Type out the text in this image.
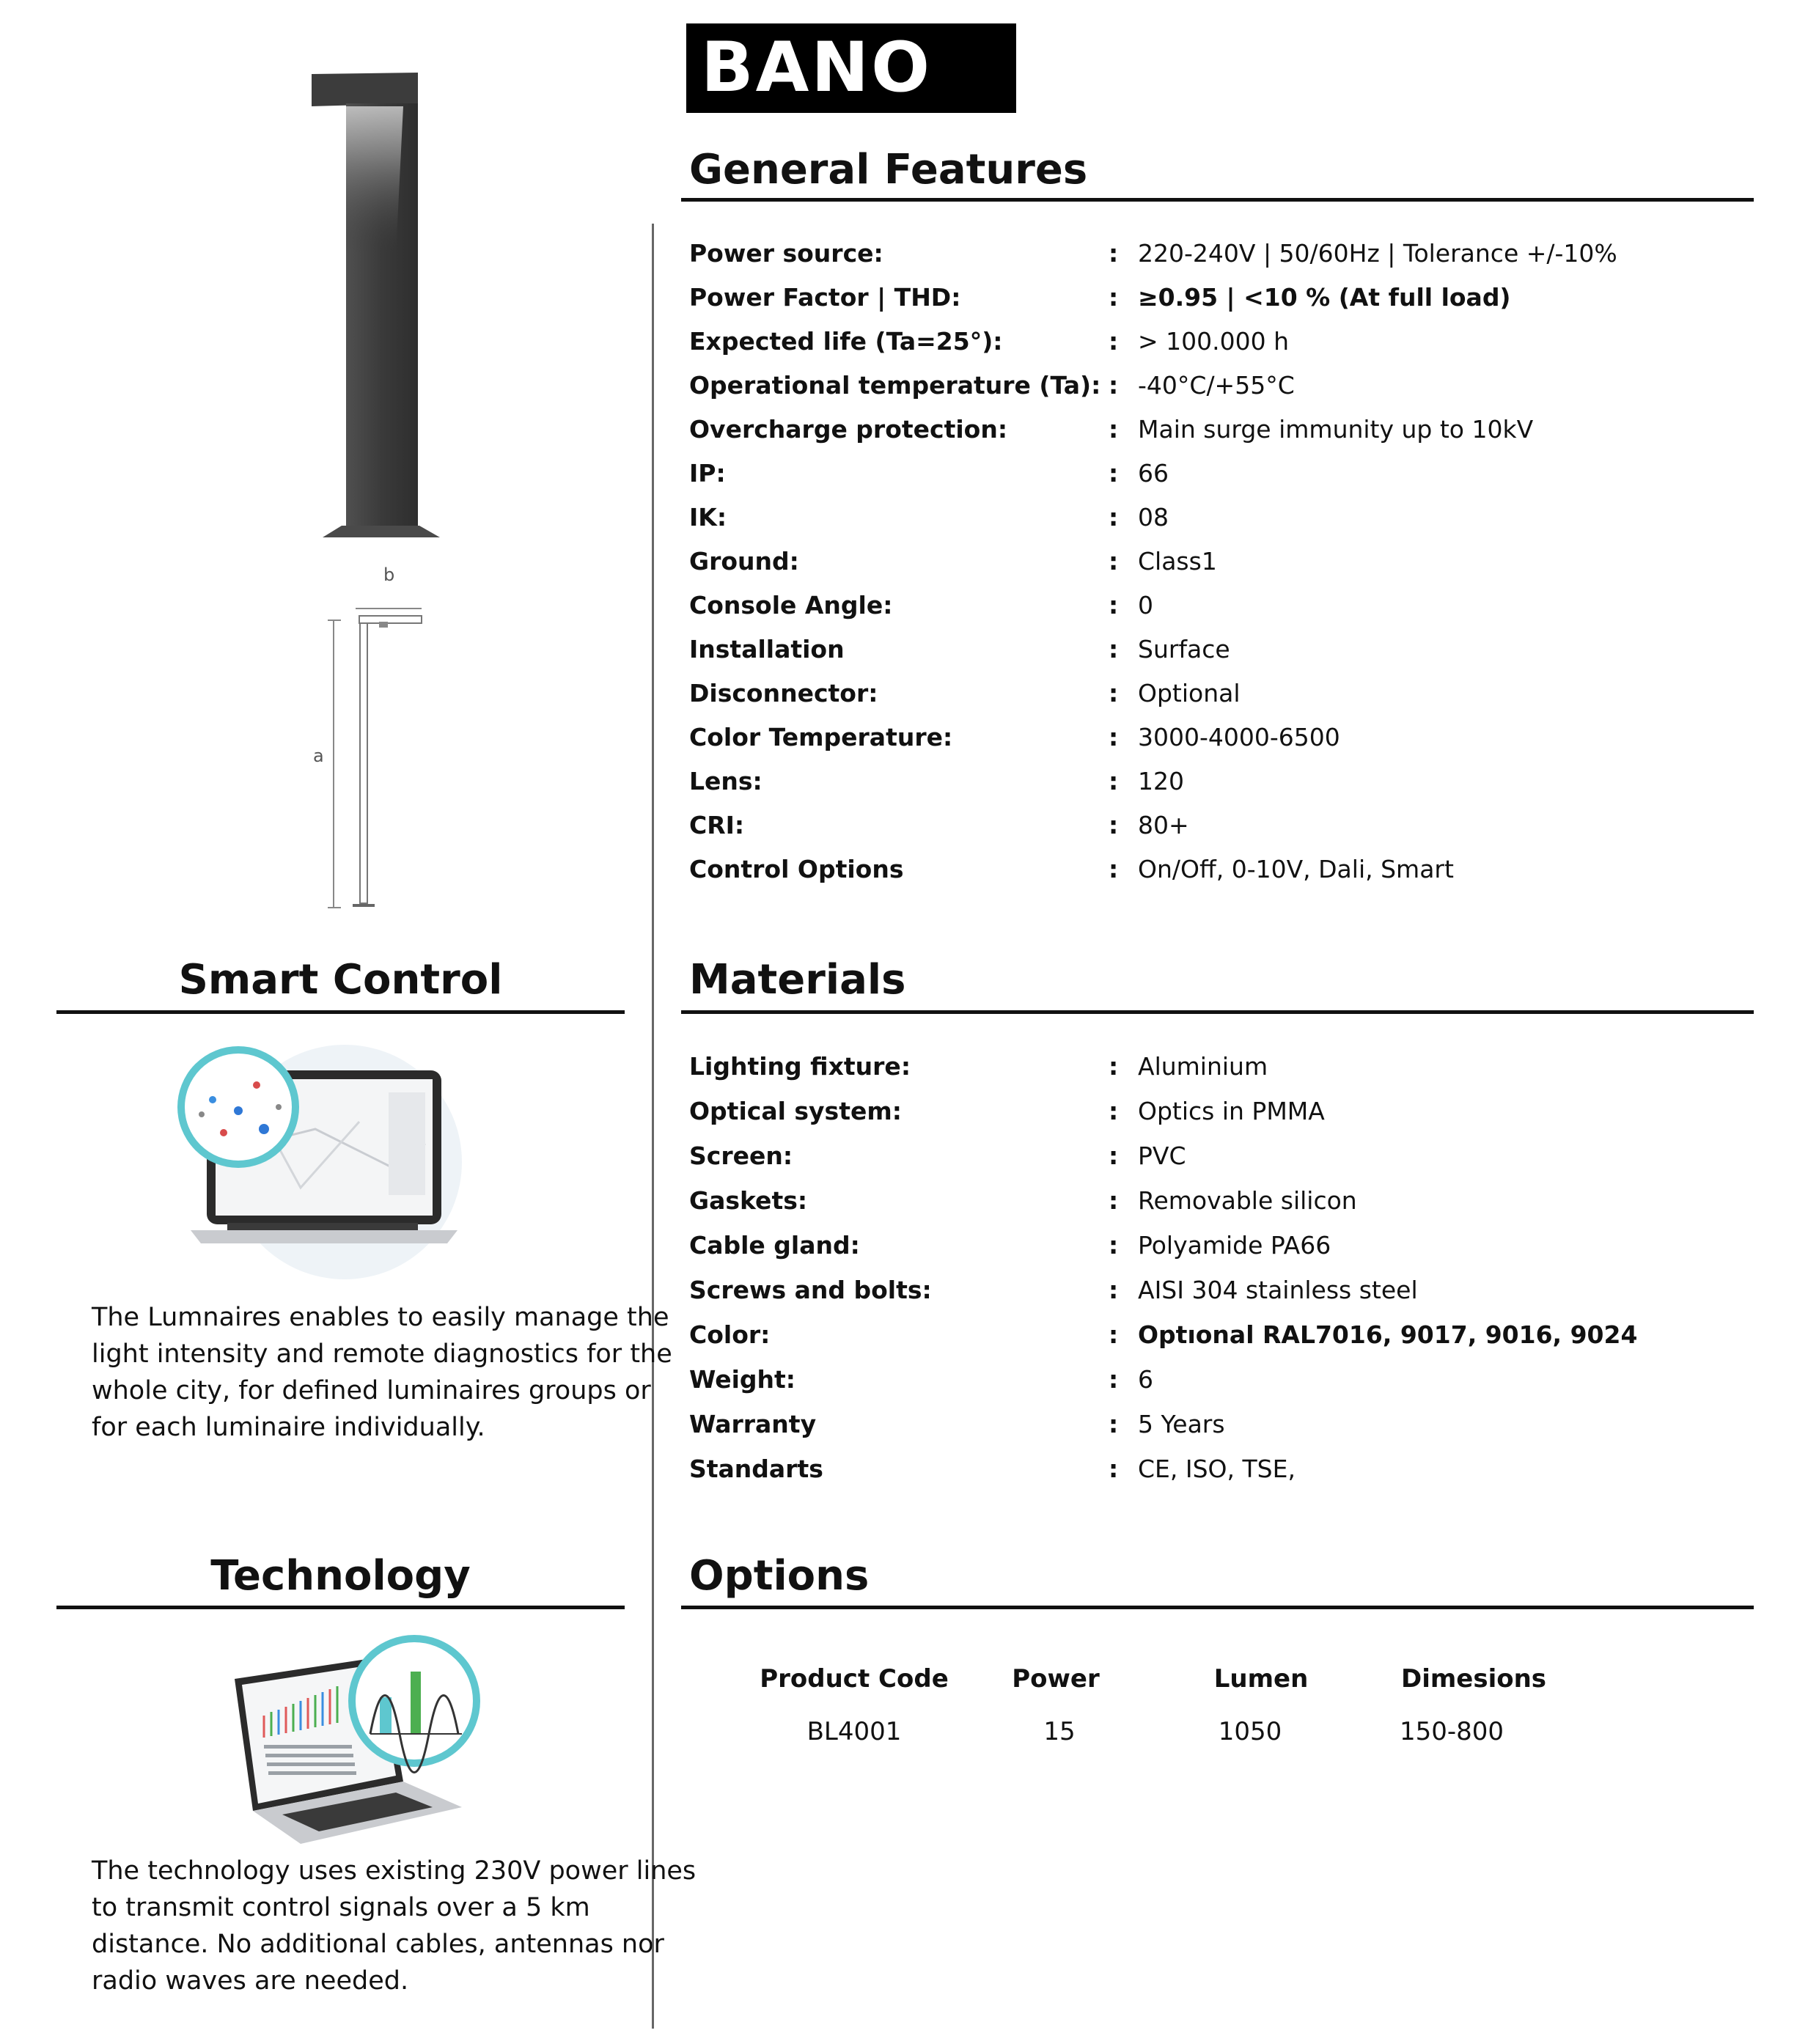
BANO
b
a
General Features
Power source:	: 220-240V | 50/60Hz | Tolerance +/-10%
Power Factor | THD:	: ≥0.95 | <10 % (At full load)
Expected life (Ta=25°):	: > 100.000 h
Operational temperature (Ta): : -40°C/+55°C
Overcharge protection:	: Main surge immunity up to 10kV
IP:	: 66
IK:	: 08
Ground:	: Class1
Console Angle:	: 0
Installation	: Surface
Disconnector:	: Optional
Color Temperature:	: 3000-4000-6500
Lens:	: 120
CRI:	: 80+
Control Options	: On/Off, 0-10V, Dali, Smart
Materials
Lighting fixture:	: Aluminium
Optical system:	: Optics in PMMA
Screen:	: PVC
Gaskets:	: Removable silicon
Cable gland:	: Polyamide PA66
Screws and bolts:	: AISI 304 stainless steel
Color:	: Optıonal RAL7016, 9017, 9016, 9024
Weight:	: 6
Warranty	: 5 Years
Standarts	: CE, ISO, TSE,
Options
Product Code	Power	Lumen	Dimesions
BL4001	15	1050	150-800
Smart Control
The Lumnaires enables to easily manage the
light intensity and remote diagnostics for the
whole city, for defined luminaires groups or
for each luminaire individually.
Technology
The technology uses existing 230V power lines
to transmit control signals over a 5 km
distance. No additional cables, antennas nor
radio waves are needed.
